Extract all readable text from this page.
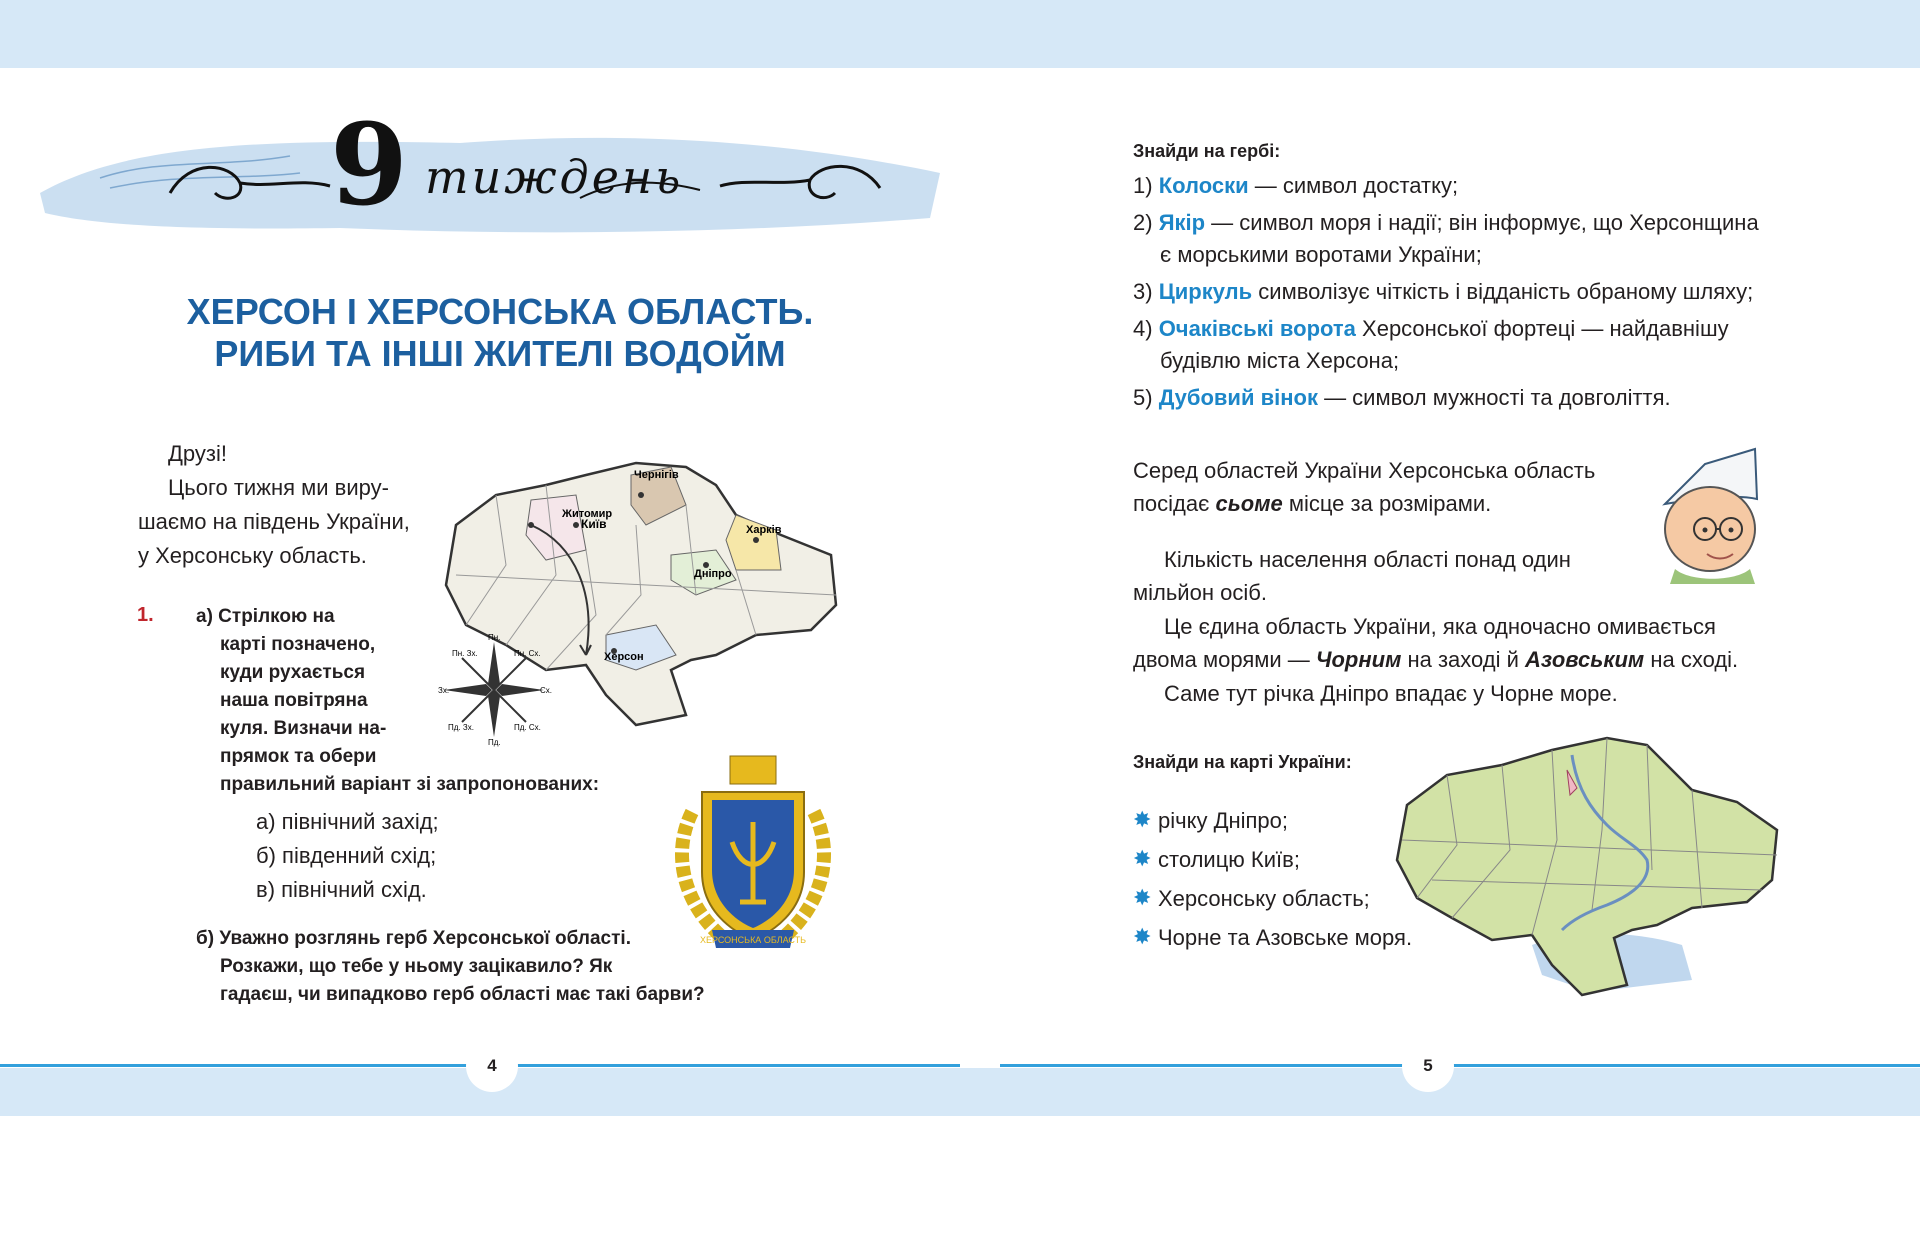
9 тиждень
ХЕРСОН І ХЕРСОНСЬКА ОБЛАСТЬ.
РИБИ ТА ІНШІ ЖИТЕЛІ ВОДОЙМ
Друзі!
Цього тижня ми виру-
шаємо на південь України,
у Херсонську область.
Чернігів
Житомир
Київ	Харків
Дніпро
Херсон
Пн.
Пн. Зх.	Пн. Сх.
Зх.	Сх.
Пд. Зх.	Пд. Сх.
Пд.
1. а) Стрілкою на
карті позначено,
куди рухається
наша повітряна
куля. Визначи на-
прямок та обери
правильний варіант зі запропонованих:
а) північний захід;
б) південний схід;
в) північний схід.
б) Уважно розглянь герб Херсонської області.
Розкажи, що тебе у ньому зацікавило? Як
гадаєш, чи випадково герб області має такі барви?
ХЕРСОНСЬКА ОБЛАСТЬ
Знайди на гербі:
1) Колоски — символ достатку;
2) Якір — символ моря і надії; він інформує, що Херсонщина
є морськими воротами України;
3) Циркуль символізує чіткість і відданість обраному шляху;
4) Очаківські ворота Херсонської фортеці — найдавнішу
будівлю міста Херсона;
5) Дубовий вінок — символ мужності та довголіття.
Серед областей України Херсонська область
посідає сьоме місце за розмірами.
Кількість населення області понад один
мільйон осіб.
Це єдина область України, яка одночасно омивається
двома морями — Чорним на заході й Азовським на сході.
Саме тут річка Дніпро впадає у Чорне море.
Знайди на карті України:
✸ річку Дніпро;
✸ столицю Київ;
✸ Херсонську область;
✸ Чорне та Азовське моря.
4	5
